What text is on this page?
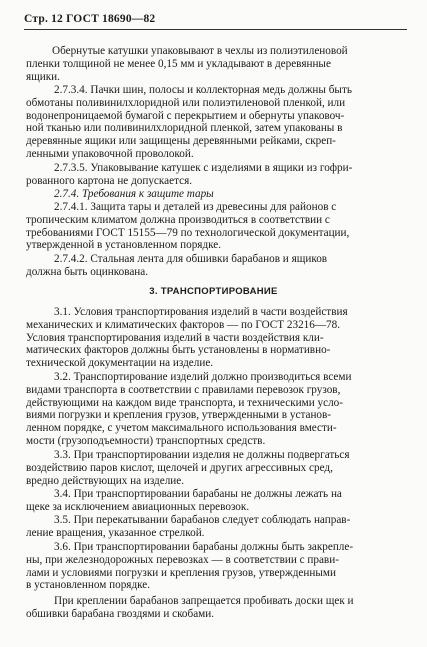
Стр. 12 ГОСТ 18690—82
Обернутые катушки упаковывают в чехлы из полиэтиленовой
пленки толщиной не менее 0,15 мм и укладывают в деревянные
ящики.
2.7.3.4. Пачки шин, полосы и коллекторная медь должны быть
обмотаны поливинилхлоридной или полиэтиленовой пленкой, или
водонепроницаемой бумагой с перекрытием и обернуты упаковоч-
ной тканью или поливинилхлоридной пленкой, затем упакованы в
деревянные ящики или защищены деревянными рейками, скреп-
ленными упаковочной проволокой.
2.7.3.5. Упаковывание катушек с изделиями в ящики из гофри-
рованного картона не допускается.
2.7.4. Требования к защите тары
2.7.4.1. Защита тары и деталей из древесины для районов с
тропическим климатом должна производиться в соответствии с
требованиями ГОСТ 15155—79 по технологической документации,
утвержденной в установленном порядке.
2.7.4.2. Стальная лента для обшивки барабанов и ящиков
должна быть оцинкована.
3. ТРАНСПОРТИРОВАНИЕ
3.1. Условия транспортирования изделий в части воздействия
механических и климатических факторов — по ГОСТ 23216—78.
Условия транспортирования изделий в части воздействия кли-
матических факторов должны быть установлены в нормативно-
технической документации на изделие.
3.2. Транспортирование изделий должно производиться всеми
видами транспорта в соответствии с правилами перевозок грузов,
действующими на каждом виде транспорта, и техническими усло-
виями погрузки и крепления грузов, утвержденными в установ-
ленном порядке, с учетом максимального использования вмести-
мости (грузоподъемности) транспортных средств.
3.3. При транспортировании изделия не должны подвергаться
воздействию паров кислот, щелочей и других агрессивных сред,
вредно действующих на изделие.
3.4. При транспортировании барабаны не должны лежать на
щеке за исключением авиационных перевозок.
3.5. При перекатывании барабанов следует соблюдать направ-
ление вращения, указанное стрелкой.
3.6. При транспортировании барабаны должны быть закрепле-
ны, при железнодорожных перевозках — в соответствии с прави-
лами и условиями погрузки и крепления грузов, утвержденными
в установленном порядке.
При креплении барабанов запрещается пробивать доски щек и
обшивки барабана гвоздями и скобами.
